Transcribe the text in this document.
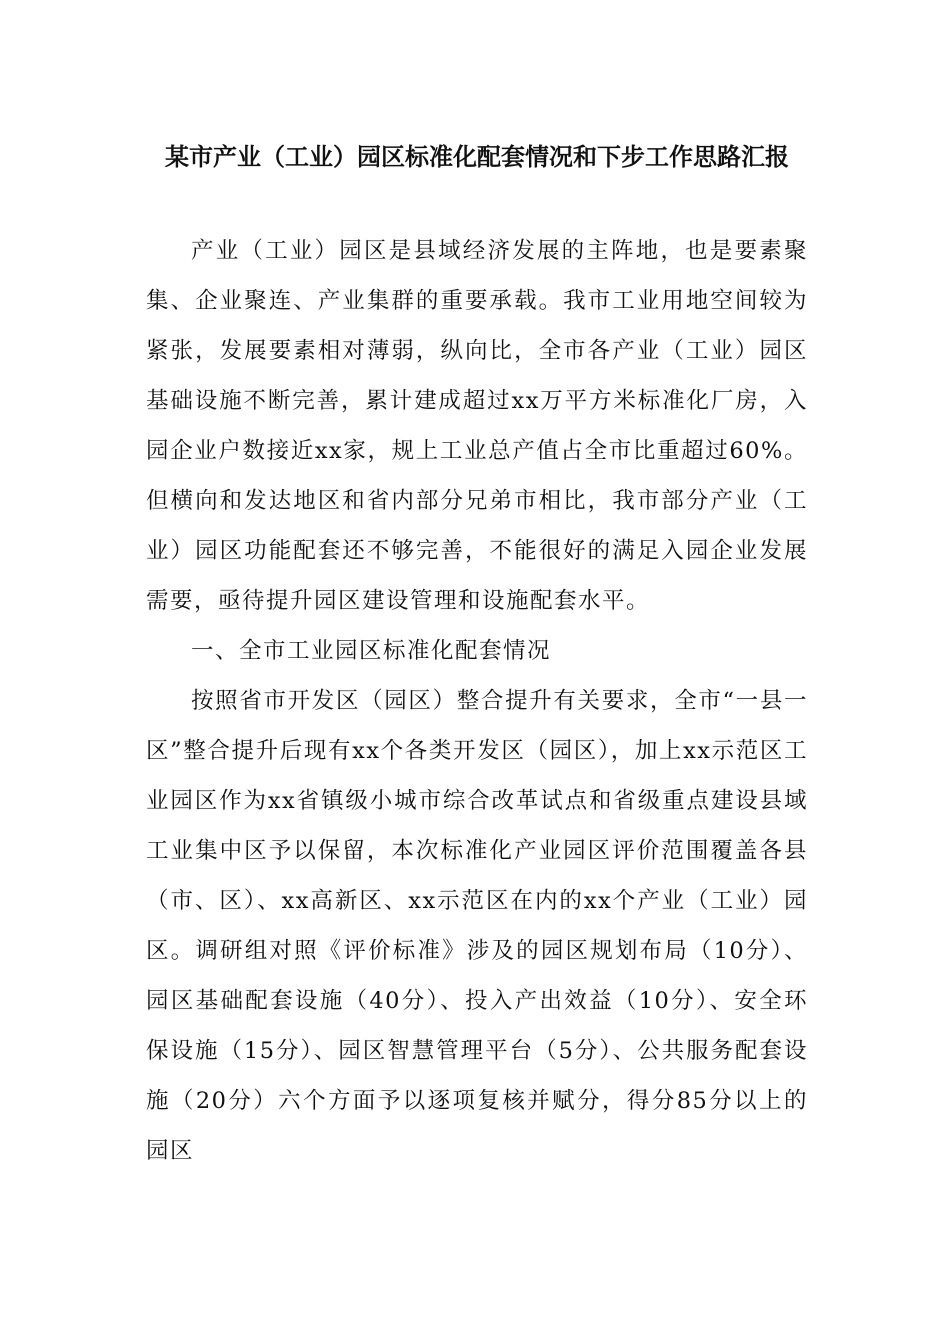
某市产业（工业）园区标准化配套情况和下步工作思路汇报

产业（工业）园区是县域经济发展的主阵地，也是要素聚集、企业聚连、产业集群的重要承载。我市工业用地空间较为紧张，发展要素相对薄弱，纵向比，全市各产业（工业）园区基础设施不断完善，累计建成超过xx万平方米标准化厂房，入园企业户数接近xx家，规上工业总产值占全市比重超过60%。但横向和发达地区和省内部分兄弟市相比，我市部分产业（工业）园区功能配套还不够完善，不能很好的满足入园企业发展需要，亟待提升园区建设管理和设施配套水平。

一、全市工业园区标准化配套情况

按照省市开发区（园区）整合提升有关要求，全市“一县一区”整合提升后现有xx个各类开发区（园区），加上xx示范区工业园区作为xx省镇级小城市综合改革试点和省级重点建设县域工业集中区予以保留，本次标准化产业园区评价范围覆盖各县（市、区）、xx高新区、xx示范区在内的xx个产业（工业）园区。调研组对照《评价标准》涉及的园区规划布局（10分）、园区基础配套设施（40分）、投入产出效益（10分）、安全环保设施（15分）、园区智慧管理平台（5分）、公共服务配套设施（20分）六个方面予以逐项复核并赋分，得分85分以上的园区
